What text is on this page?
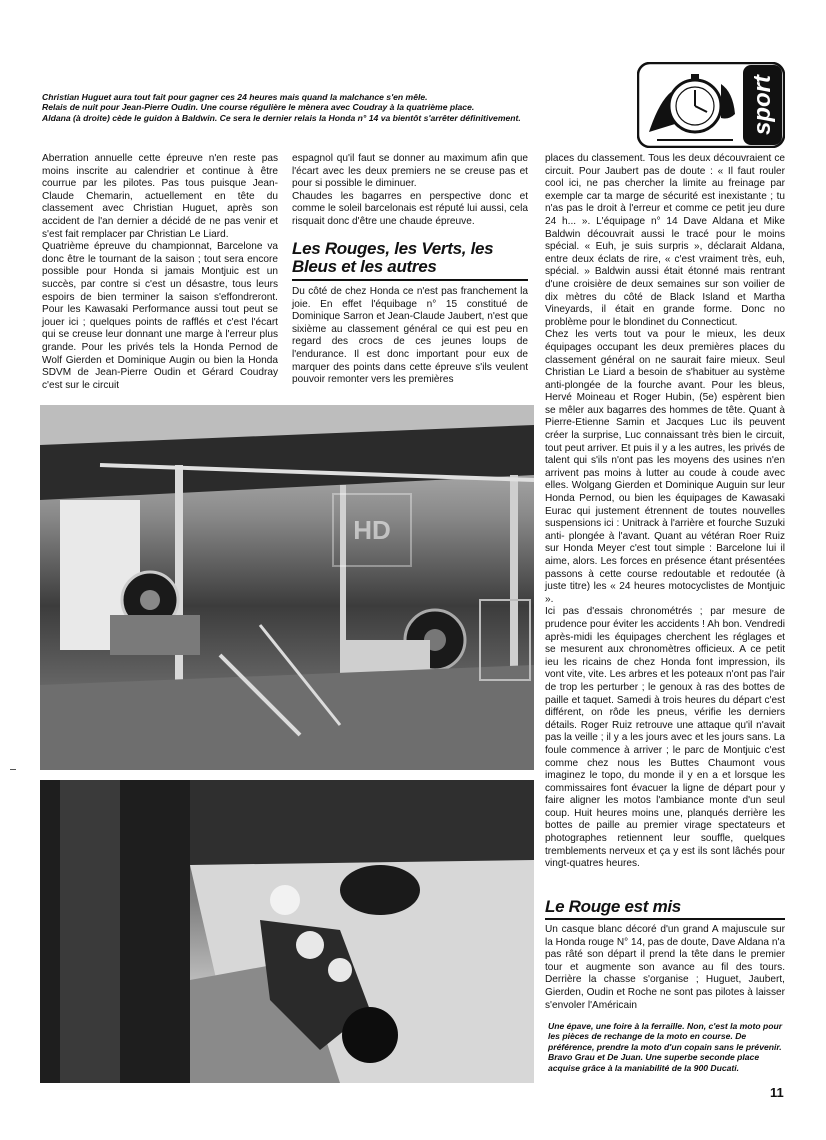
Christian Huguet aura tout fait pour gagner ces 24 heures mais quand la malchance s'en mêle.

Relais de nuit pour Jean-Pierre Oudin. Une course régulière le mènera avec Coudray à la quatrième place.

Aldana (à droite) cède le guidon à Baldwin. Ce sera le dernier relais la Honda n° 14 va bientôt s'arrêter définitivement.	sport

Aberration annuelle cette épreuve n'en reste pas moins inscrite au calendrier et continue à être courrue par les pilotes. Pas tous puisque Jean-Claude Chemarin, actuellement en tête du classement avec Christian Huguet, après son accident de l'an dernier a décidé de ne pas venir et s'est fait remplacer par Christian Le Liard.

Quatrième épreuve du championnat, Barcelone va donc être le tournant de la saison ; tout sera encore possible pour Honda si jamais Montjuic est un succès, par contre si c'est un désastre, tous leurs espoirs de bien terminer la saison s'effondreront. Pour les Kawasaki Performance aussi tout peut se jouer ici ; quelques points de rafflés et c'est l'écart qui se creuse leur donnant une marge à l'erreur plus grande. Pour les privés tels la Honda Pernod de Wolf Gierden et Dominique Augin ou bien la Honda SDVM de Jean-Pierre Oudin et Gérard Coudray c'est sur le circuit

espagnol qu'il faut se donner au maximum afin que l'écart avec les deux premiers ne se creuse pas et pour si possible le diminuer.

Chaudes les bagarres en perspective donc et comme le soleil barcelonais est réputé lui aussi, cela risquait donc d'être une chaude épreuve.

Les Rouges, les Verts, les Bleus et les autres

Du côté de chez Honda ce n'est pas franchement la joie. En effet l'équibage n° 15 constitué de Dominique Sarron et Jean-Claude Jaubert, n'est que sixième au classement général ce qui est peu en regard des crocs de ces jeunes loups de l'endurance. Il est donc important pour eux de marquer des points dans cette épreuve s'ils veulent pouvoir remonter vers les premières

places du classement. Tous les deux découvraient ce circuit. Pour Jaubert pas de doute : « Il faut rouler cool ici, ne pas chercher la limite au freinage par exemple car ta marge de sécurité est inexistante ; tu n'as pas le droit à l'erreur et comme ce petit jeu dure 24 h... ». L'équipage n° 14 Dave Aldana et Mike Baldwin découvrait aussi le tracé pour le moins spécial. « Euh, je suis surpris », déclarait Aldana, entre deux éclats de rire, « c'est vraiment très, euh, spécial. » Baldwin aussi était étonné mais rentrant d'une croisière de deux semaines sur son voilier de dix mètres du côté de Black Island et Martha Vineyards, il était en grande forme. Donc no problème pour le blondinet du Connecticut.

Chez les verts tout va pour le mieux, les deux équipages occupant les deux premières places du classement général on ne saurait faire mieux. Seul Christian Le Liard a besoin de s'habituer au système anti-plongée de la fourche avant. Pour les bleus, Hervé Moineau et Roger Hubin, (5e) espèrent bien se mêler aux bagarres des hommes de tête. Quant à Pierre-Etienne Samin et Jacques Luc ils peuvent créer la surprise, Luc connaissant très bien le circuit, tout peut arriver. Et puis il y a les autres, les privés de talent qui s'ils n'ont pas les moyens des usines n'en arrivent pas moins à lutter au coude à coude avec elles. Wolgang Gierden et Dominique Auguin sur leur Honda Pernod, ou bien les équipages de Kawasaki Eurac qui justement étrennent de toutes nouvelles suspensions ici : Unitrack à l'arrière et fourche Suzuki anti- plongée à l'avant. Quant au vétéran Roer Ruiz sur Honda Meyer c'est tout simple : Barcelone lui il aime, alors. Les forces en présence étant présentées passons à cette course redoutable et redoutée (à juste titre) les « 24 heures motocyclistes de Montjuic ».

Ici pas d'essais chronométrés ; par mesure de prudence pour éviter les accidents ! Ah bon. Vendredi après-midi les équipages cherchent les réglages et se mesurent aux chronomètres officieux. A ce petit ieu les ricains de chez Honda font impression, ils vont vite, vite. Les arbres et les poteaux n'ont pas l'air de trop les perturber ; le genoux à ras des bottes de paille et taquet. Samedi à trois heures du départ c'est différent, on rôde les pneus, vérifie les derniers détails. Roger Ruiz retrouve une attaque qu'il n'avait pas la veille ; il y a les jours avec et les jours sans. La foule commence à arriver ; le parc de Montjuic c'est comme chez nous les Buttes Chaumont vous imaginez le topo, du monde il y en a et lorsque les commissaires font évacuer la ligne de départ pour y faire aligner les motos l'ambiance monte d'un seul coup. Huit heures moins une, planqués derrière les bottes de paille au premier virage spectateurs et photographes retiennent leur souffle, quelques tremblements nerveux et ça y est ils sont lâchés pour vingt-quatres heures.

Le Rouge est mis

Un casque blanc décoré d'un grand A majuscule sur la Honda rouge N° 14, pas de doute, Dave Aldana n'a pas râté son départ il prend la tête dans le premier tour et augmente son avance au fil des tours. Derrière la chasse s'organise ; Huguet, Jaubert, Gierden, Oudin et Roche ne sont pas pilotes à laisser s'envoler l'Américain

Une épave, une foire à la ferraille. Non, c'est la moto pour les pièces de rechange de la moto en course. De préférence, prendre la moto d'un copain sans le prévenir.

Bravo Grau et De Juan. Une superbe seconde place acquise grâce à la maniabilité de la 900 Ducati.

HD
11
